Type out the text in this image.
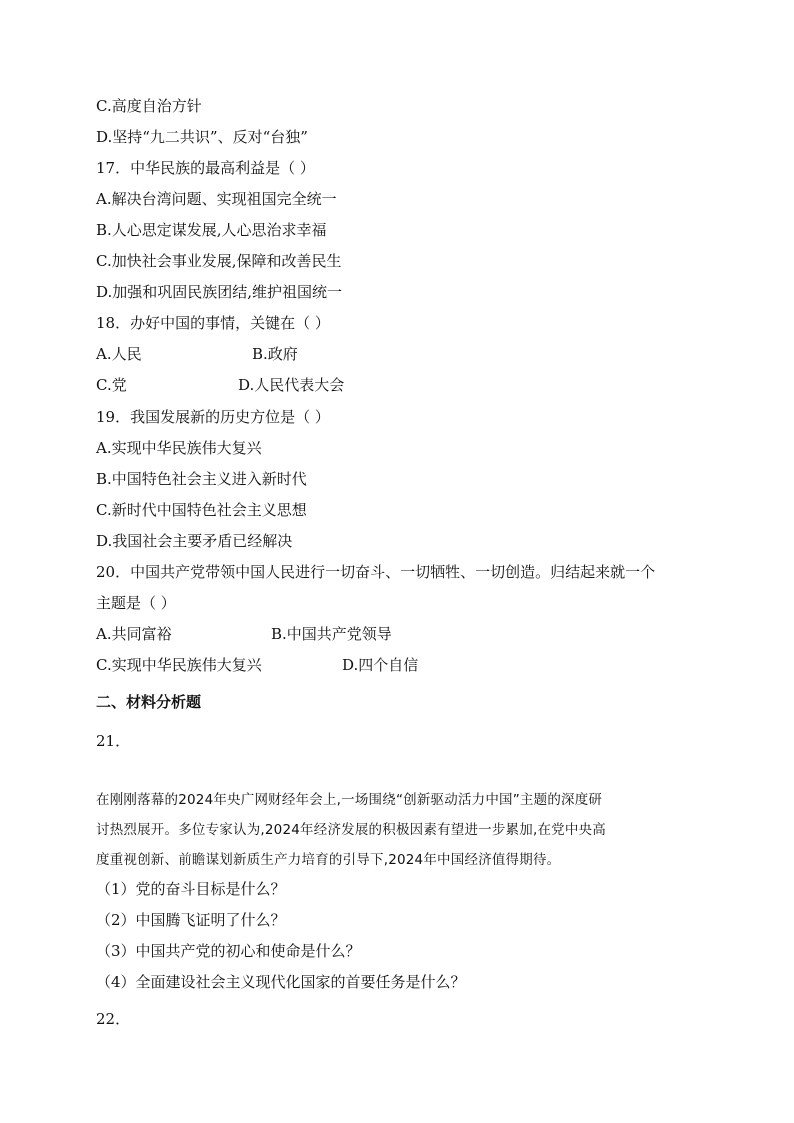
C.高度自治方针
D.坚持“九二共识”、反对“台独”
17．中华民族的最高利益是（ ）
A.解决台湾问题、实现祖国完全统一
B.人心思定谋发展,人心思治求幸福
C.加快社会事业发展,保障和改善民生
D.加强和巩固民族团结,维护祖国统一
18．办好中国的事情，关键在（ ）
A.人民	B.政府
C.党	D.人民代表大会
19．我国发展新的历史方位是（ ）
A.实现中华民族伟大复兴
B.中国特色社会主义进入新时代
C.新时代中国特色社会主义思想
D.我国社会主要矛盾已经解决
20．中国共产党带领中国人民进行一切奋斗、一切牺牲、一切创造。归结起来就一个
主题是（ ）
A.共同富裕	B.中国共产党领导
C.实现中华民族伟大复兴	D.四个自信
二、材料分析题
21．
在刚刚落幕的2024年央广网财经年会上,一场围绕“创新驱动活力中国”主题的深度研
讨热烈展开。多位专家认为,2024年经济发展的积极因素有望进一步累加,在党中央高
度重视创新、前瞻谋划新质生产力培育的引导下,2024年中国经济值得期待。
（1）党的奋斗目标是什么？
（2）中国腾飞证明了什么？
（3）中国共产党的初心和使命是什么？
（4）全面建设社会主义现代化国家的首要任务是什么？
22．
